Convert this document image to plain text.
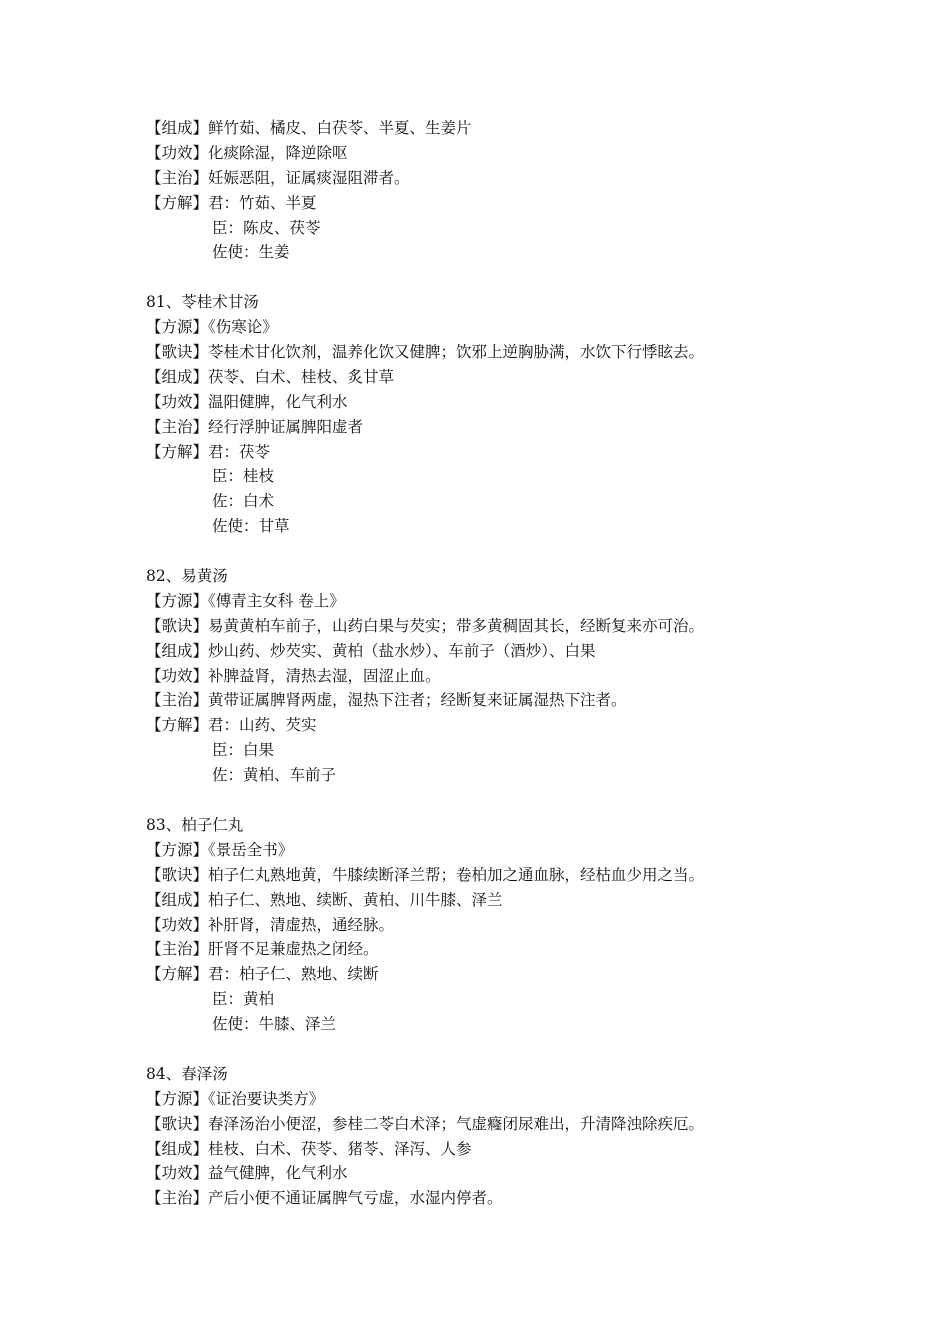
【组成】鲜竹茹、橘皮、白茯苓、半夏、生姜片
【功效】化痰除湿，降逆除呕
【主治】妊娠恶阻，证属痰湿阻滞者。
【方解】君：竹茹、半夏
臣：陈皮、茯苓
佐使：生姜
81、苓桂术甘汤
【方源】《伤寒论》
【歌诀】苓桂术甘化饮剂，温养化饮又健脾；饮邪上逆胸胁满，水饮下行悸眩去。
【组成】茯苓、白术、桂枝、炙甘草
【功效】温阳健脾，化气利水
【主治】经行浮肿证属脾阳虚者
【方解】君：茯苓
臣：桂枝
佐：白术
佐使：甘草
82、易黄汤
【方源】《傅青主女科 卷上》
【歌诀】易黄黄柏车前子，山药白果与芡实；带多黄稠固其长，经断复来亦可治。
【组成】炒山药、炒芡实、黄柏（盐水炒）、车前子（酒炒）、白果
【功效】补脾益肾，清热去湿，固涩止血。
【主治】黄带证属脾肾两虚，湿热下注者；经断复来证属湿热下注者。
【方解】君：山药、芡实
臣：白果
佐：黄柏、车前子
83、柏子仁丸
【方源】《景岳全书》
【歌诀】柏子仁丸熟地黄，牛膝续断泽兰帮；卷柏加之通血脉，经枯血少用之当。
【组成】柏子仁、熟地、续断、黄柏、川牛膝、泽兰
【功效】补肝肾，清虚热，通经脉。
【主治】肝肾不足兼虚热之闭经。
【方解】君：柏子仁、熟地、续断
臣：黄柏
佐使：牛膝、泽兰
84、春泽汤
【方源】《证治要诀类方》
【歌诀】春泽汤治小便涩，参桂二苓白术泽；气虚癃闭尿难出，升清降浊除疾厄。
【组成】桂枝、白术、茯苓、猪苓、泽泻、人参
【功效】益气健脾，化气利水
【主治】产后小便不通证属脾气亏虚，水湿内停者。
